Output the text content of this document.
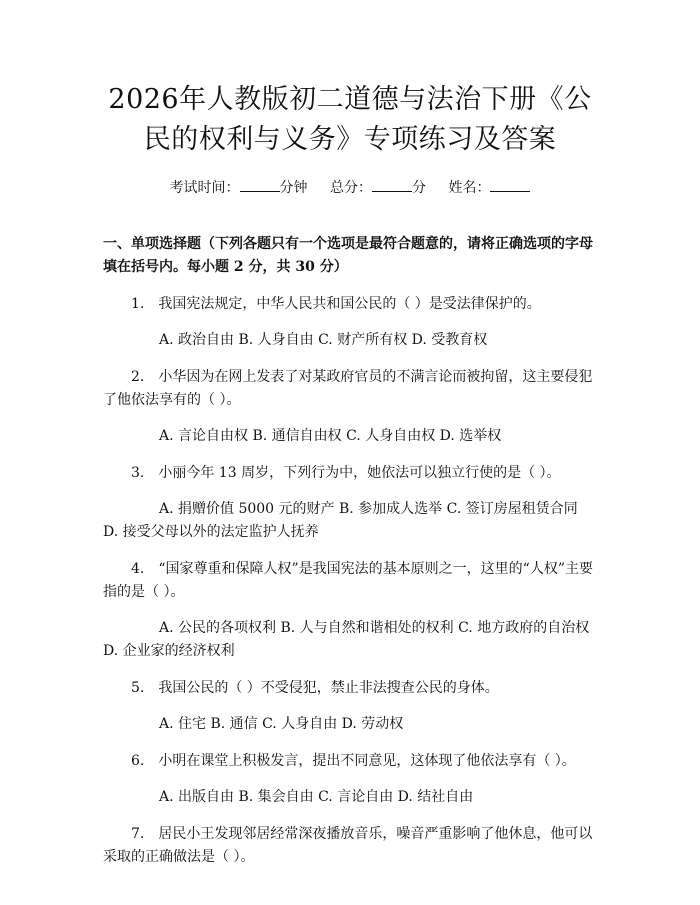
2026年人教版初二道德与法治下册《公民的权利与义务》专项练习及答案
考试时间：	分钟 总分：	分 姓名：
一、单项选择题（下列各题只有一个选项是最符合题意的，请将正确选项的字母填在括号内。每小题 2 分，共 30 分）
1.　我国宪法规定，中华人民共和国公民的（ ）是受法律保护的。
A. 政治自由 B. 人身自由 C. 财产所有权 D. 受教育权
2.　小华因为在网上发表了对某政府官员的不满言论而被拘留，这主要侵犯了他依法享有的（ ）。
A. 言论自由权 B. 通信自由权 C. 人身自由权 D. 选举权
3.　小丽今年 13 周岁，下列行为中，她依法可以独立行使的是（ ）。
A. 捐赠价值 5000 元的财产 B. 参加成人选举 C. 签订房屋租赁合同 D. 接受父母以外的法定监护人抚养
4.　“国家尊重和保障人权”是我国宪法的基本原则之一，这里的“人权”主要指的是（ ）。
A. 公民的各项权利 B. 人与自然和谐相处的权利 C. 地方政府的自治权 D. 企业家的经济权利
5.　我国公民的（ ）不受侵犯，禁止非法搜查公民的身体。
A. 住宅 B. 通信 C. 人身自由 D. 劳动权
6.　小明在课堂上积极发言，提出不同意见，这体现了他依法享有（ ）。
A. 出版自由 B. 集会自由 C. 言论自由 D. 结社自由
7.　居民小王发现邻居经常深夜播放音乐，噪音严重影响了他休息，他可以采取的正确做法是（ ）。
